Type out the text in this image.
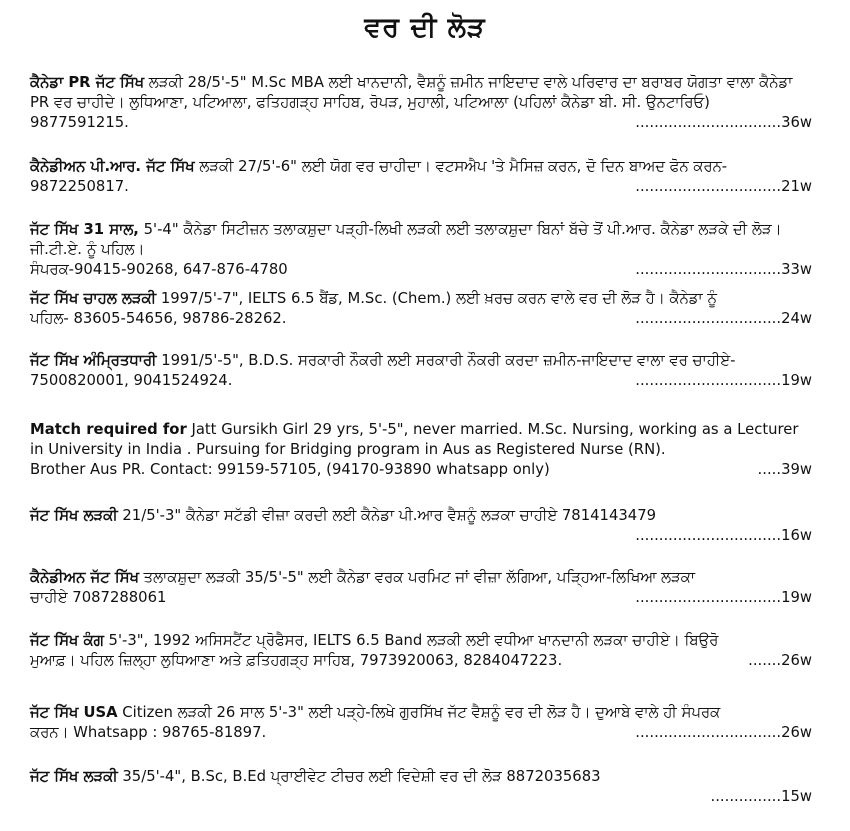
ਵਰ ਦੀ ਲੋੜ
ਕੈਨੇਡਾ PR ਜੱਟ ਸਿੱਖ ਲੜਕੀ 28/5'-5" M.Sc MBA ਲਈ ਖਾਨਦਾਨੀ, ਵੈਸ਼ਨੂੰ ਜ਼ਮੀਨ ਜਾਇਦਾਦ ਵਾਲੇ ਪਰਿਵਾਰ ਦਾ ਬਰਾਬਰ ਯੋਗਤਾ ਵਾਲਾ ਕੈਨੇਡਾ PR ਵਰ ਚਾਹੀਦੇ। ਲੁਧਿਆਣਾ, ਪਟਿਆਲਾ, ਫਤਿਹਗੜ੍ਹ ਸਾਹਿਬ, ਰੋਪੜ, ਮੁਹਾਲੀ, ਪਟਿਆਲਾ (ਪਹਿਲਾਂ ਕੈਨੇਡਾ ਬੀ. ਸੀ. ਉਨਟਾਰਿਓ)
9877591215.	............................... 36w
ਕੈਨੇਡੀਅਨ ਪੀ.ਆਰ. ਜੱਟ ਸਿੱਖ ਲੜਕੀ 27/5'-6" ਲਈ ਯੋਗ ਵਰ ਚਾਹੀਦਾ। ਵਟਸਐਪ 'ਤੇ ਮੈਸਿਜ਼ ਕਰਨ, ਦੋ ਦਿਨ ਬਾਅਦ ਫੋਨ ਕਰਨ-
9872250817.	............................... 21w
ਜੱਟ ਸਿੱਖ 31 ਸਾਲ, 5'-4" ਕੈਨੇਡਾ ਸਿਟੀਜ਼ਨ ਤਲਾਕਸ਼ੁਦਾ ਪੜ੍ਹੀ-ਲਿਖੀ ਲੜਕੀ ਲਈ ਤਲਾਕਸ਼ੁਦਾ ਬਿਨਾਂ ਬੱਚੇ ਤੋਂ ਪੀ.ਆਰ. ਕੈਨੇਡਾ ਲੜਕੇ ਦੀ ਲੋੜ। ਜੀ.ਟੀ.ਏ. ਨੂੰ ਪਹਿਲ।
ਸੰਪਰਕ-90415-90268, 647-876-4780	............................... 33w
ਜੱਟ ਸਿੱਖ ਚਾਹਲ ਲੜਕੀ 1997/5'-7", IELTS 6.5 ਬੈਂਡ, M.Sc. (Chem.) ਲਈ ਖ਼ਰਚ ਕਰਨ ਵਾਲੇ ਵਰ ਦੀ ਲੋੜ ਹੈ। ਕੈਨੇਡਾ ਨੂੰ
ਪਹਿਲ- 83605-54656, 98786-28262.	............................... 24w
ਜੱਟ ਸਿੱਖ ਅੰਮ੍ਰਿਤਧਾਰੀ 1991/5'-5", B.D.S. ਸਰਕਾਰੀ ਨੌਕਰੀ ਲਈ ਸਰਕਾਰੀ ਨੌਕਰੀ ਕਰਦਾ ਜ਼ਮੀਨ-ਜਾਇਦਾਦ ਵਾਲਾ ਵਰ ਚਾਹੀਏ-
7500820001, 9041524924.	............................... 19w
Match required for Jatt Gursikh Girl 29 yrs, 5'-5", never married. M.Sc. Nursing, working as a Lecturer in University in India . Pursuing for Bridging program in Aus as Registered Nurse (RN).
Brother Aus PR. Contact: 99159-57105, (94170-93890 whatsapp only)	..... 39w
ਜੱਟ ਸਿੱਖ ਲੜਕੀ 21/5'-3" ਕੈਨੇਡਾ ਸਟੱਡੀ ਵੀਜ਼ਾ ਕਰਦੀ ਲਈ ਕੈਨੇਡਾ ਪੀ.ਆਰ ਵੈਸ਼ਨੂੰ ਲੜਕਾ ਚਾਹੀਏ 7814143479
............................... 16w
ਕੈਨੇਡੀਅਨ ਜੱਟ ਸਿੱਖ ਤਲਾਕਸ਼ੁਦਾ ਲੜਕੀ 35/5'-5" ਲਈ ਕੈਨੇਡਾ ਵਰਕ ਪਰਮਿਟ ਜਾਂ ਵੀਜ਼ਾ ਲੱਗਿਆ, ਪੜ੍ਹਿਆ-ਲਿਖਿਆ ਲੜਕਾ
ਚਾਹੀਏ 7087288061	............................... 19w
ਜੱਟ ਸਿੱਖ ਕੰਗ 5'-3", 1992 ਅਸਿਸਟੈਂਟ ਪ੍ਰੋਫੈਸਰ, IELTS 6.5 Band ਲੜਕੀ ਲਈ ਵਧੀਆ ਖਾਨਦਾਨੀ ਲੜਕਾ ਚਾਹੀਏ। ਬਿਉਰੋ
ਮੁਆਫ਼। ਪਹਿਲ ਜ਼ਿਲ੍ਹਾ ਲੁਧਿਆਣਾ ਅਤੇ ਫ਼ਤਿਹਗੜ੍ਹ ਸਾਹਿਬ, 7973920063, 8284047223.	....... 26w
ਜੱਟ ਸਿੱਖ USA Citizen ਲੜਕੀ 26 ਸਾਲ 5'-3" ਲਈ ਪੜ੍ਹੇ-ਲਿਖੇ ਗੁਰਸਿੱਖ ਜੱਟ ਵੈਸ਼ਨੂੰ ਵਰ ਦੀ ਲੋੜ ਹੈ। ਦੁਆਬੇ ਵਾਲੇ ਹੀ ਸੰਪਰਕ
ਕਰਨ। Whatsapp : 98765-81897.	............................... 26w
ਜੱਟ ਸਿੱਖ ਲੜਕੀ 35/5'-4", B.Sc, B.Ed ਪ੍ਰਾਈਵੇਟ ਟੀਚਰ ਲਈ ਵਿਦੇਸ਼ੀ ਵਰ ਦੀ ਲੋੜ 8872035683
............... 15w
